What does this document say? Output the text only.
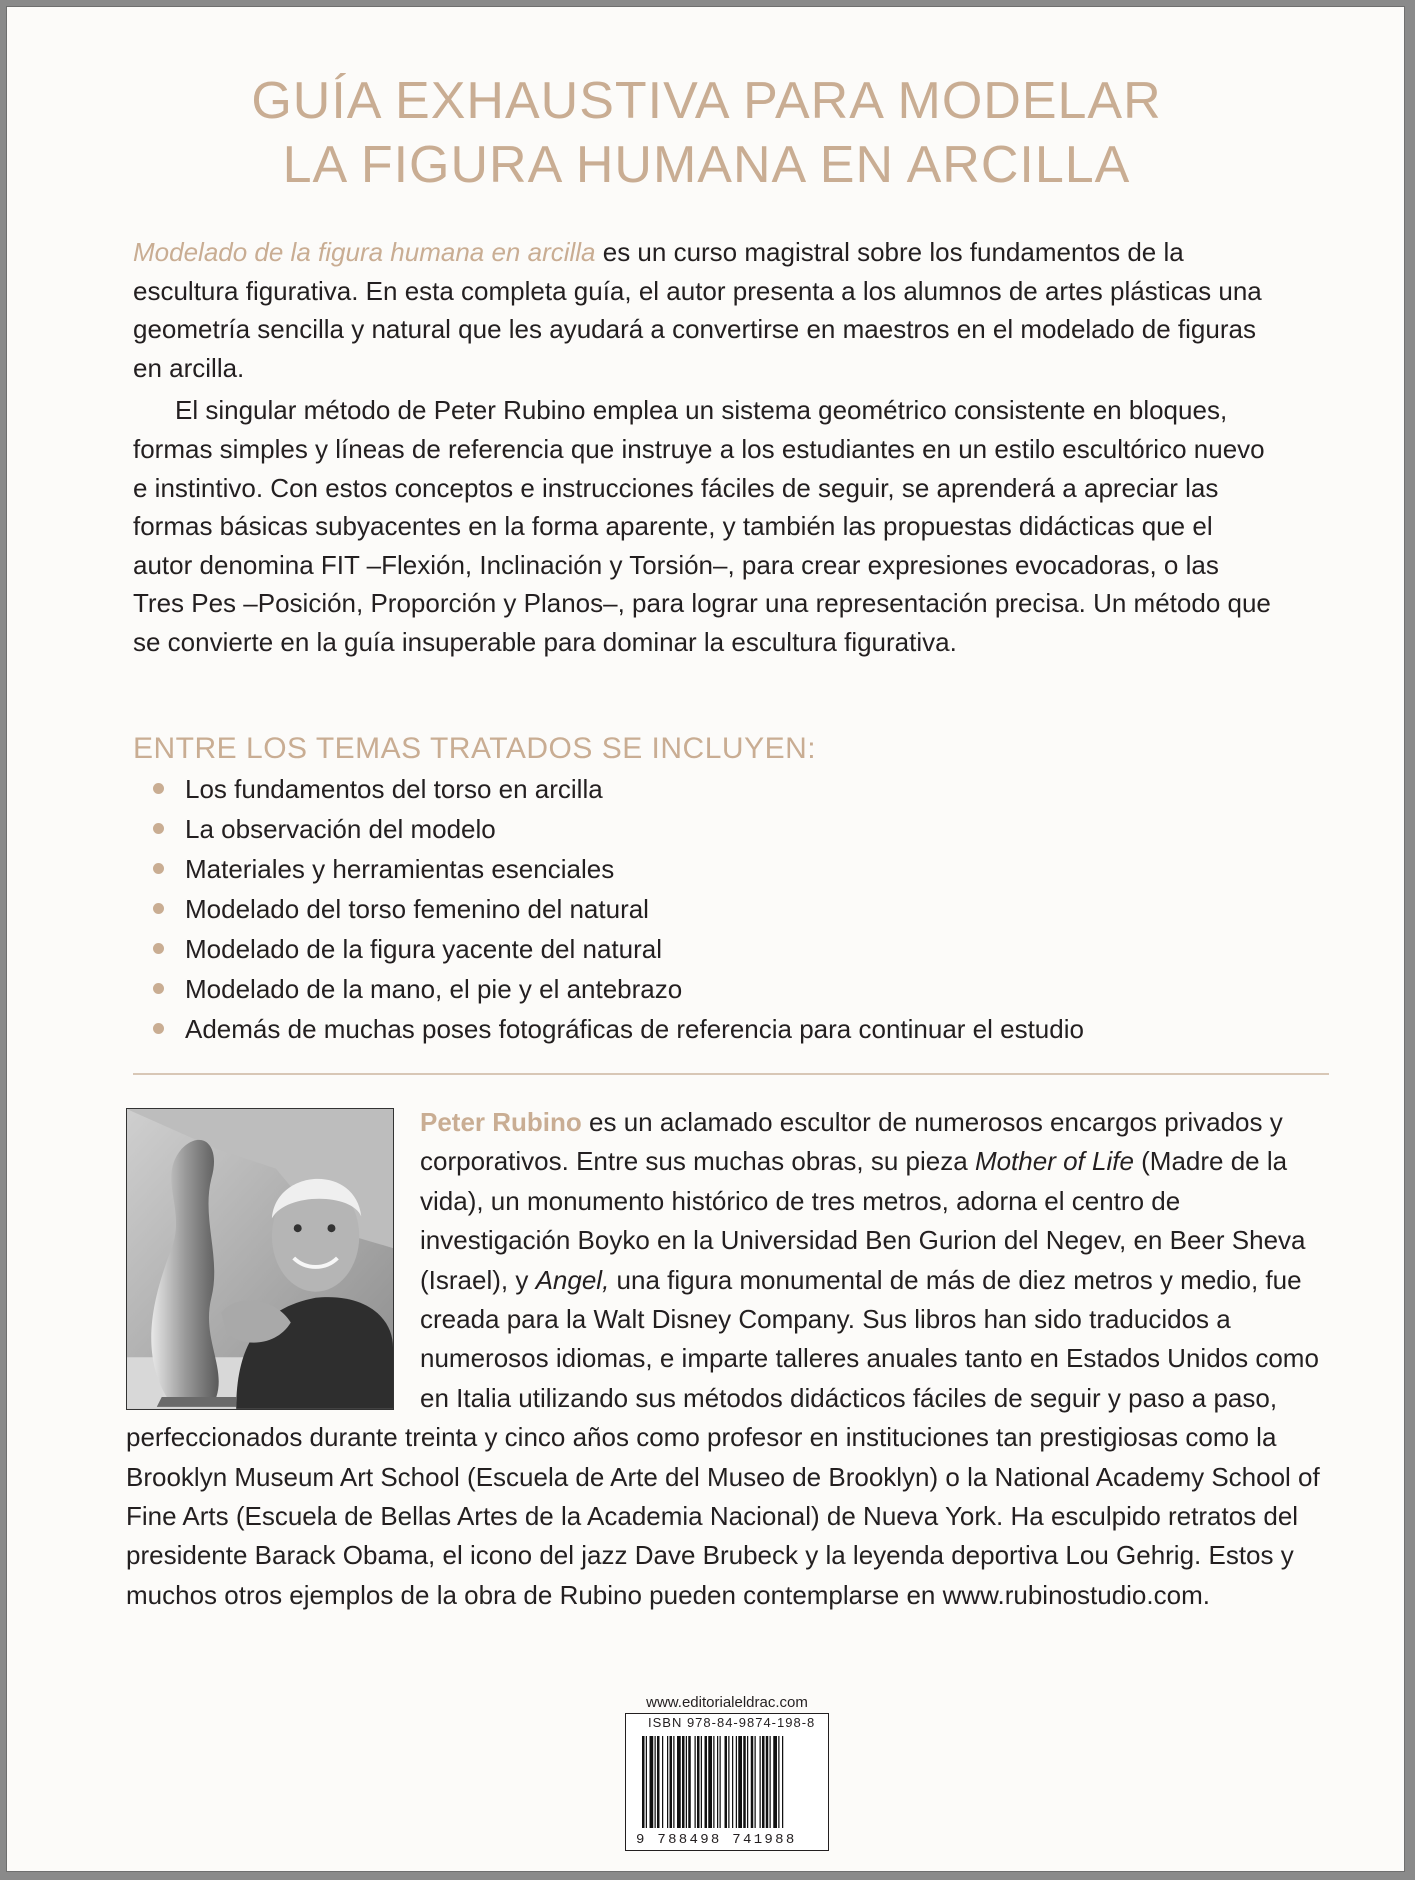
GUÍA EXHAUSTIVA PARA MODELAR
LA FIGURA HUMANA EN ARCILLA

Modelado de la figura humana en arcilla es un curso magistral sobre los fundamentos de la escultura figurativa. En esta completa guía, el autor presenta a los alumnos de artes plásticas una geometría sencilla y natural que les ayudará a convertirse en maestros en el modelado de figuras en arcilla.

El singular método de Peter Rubino emplea un sistema geométrico consistente en bloques, formas simples y líneas de referencia que instruye a los estudiantes en un estilo escultórico nuevo e instintivo. Con estos conceptos e instrucciones fáciles de seguir, se aprenderá a apreciar las formas básicas subyacentes en la forma aparente, y también las propuestas didácticas que el autor denomina FIT –Flexión, Inclinación y Torsión–, para crear expresiones evocadoras, o las Tres Pes –Posición, Proporción y Planos–, para lograr una representación precisa. Un método que se convierte en la guía insuperable para dominar la escultura figurativa.

ENTRE LOS TEMAS TRATADOS SE INCLUYEN:
Los fundamentos del torso en arcilla
La observación del modelo
Materiales y herramientas esenciales
Modelado del torso femenino del natural
Modelado de la figura yacente del natural
Modelado de la mano, el pie y el antebrazo
Además de muchas poses fotográficas de referencia para continuar el estudio
Peter Rubino es un aclamado escultor de numerosos encargos privados y corporativos. Entre sus muchas obras, su pieza Mother of Life (Madre de la vida), un monumento histórico de tres metros, adorna el centro de investigación Boyko en la Universidad Ben Gurion del Negev, en Beer Sheva (Israel), y Angel, una figura monumental de más de diez metros y medio, fue creada para la Walt Disney Company. Sus libros han sido traducidos a numerosos idiomas, e imparte talleres anuales tanto en Estados Unidos como en Italia utilizando sus métodos didácticos fáciles de seguir y paso a paso, perfeccionados durante treinta y cinco años como profesor en instituciones tan prestigiosas como la Brooklyn Museum Art School (Escuela de Arte del Museo de Brooklyn) o la National Academy School of Fine Arts (Escuela de Bellas Artes de la Academia Nacional) de Nueva York. Ha esculpido retratos del presidente Barack Obama, el icono del jazz Dave Brubeck y la leyenda deportiva Lou Gehrig. Estos y muchos otros ejemplos de la obra de Rubino pueden contemplarse en www.rubinostudio.com.
www.editorialeldrac.com
ISBN 978-84-9874-198-8
9 788498 741988
